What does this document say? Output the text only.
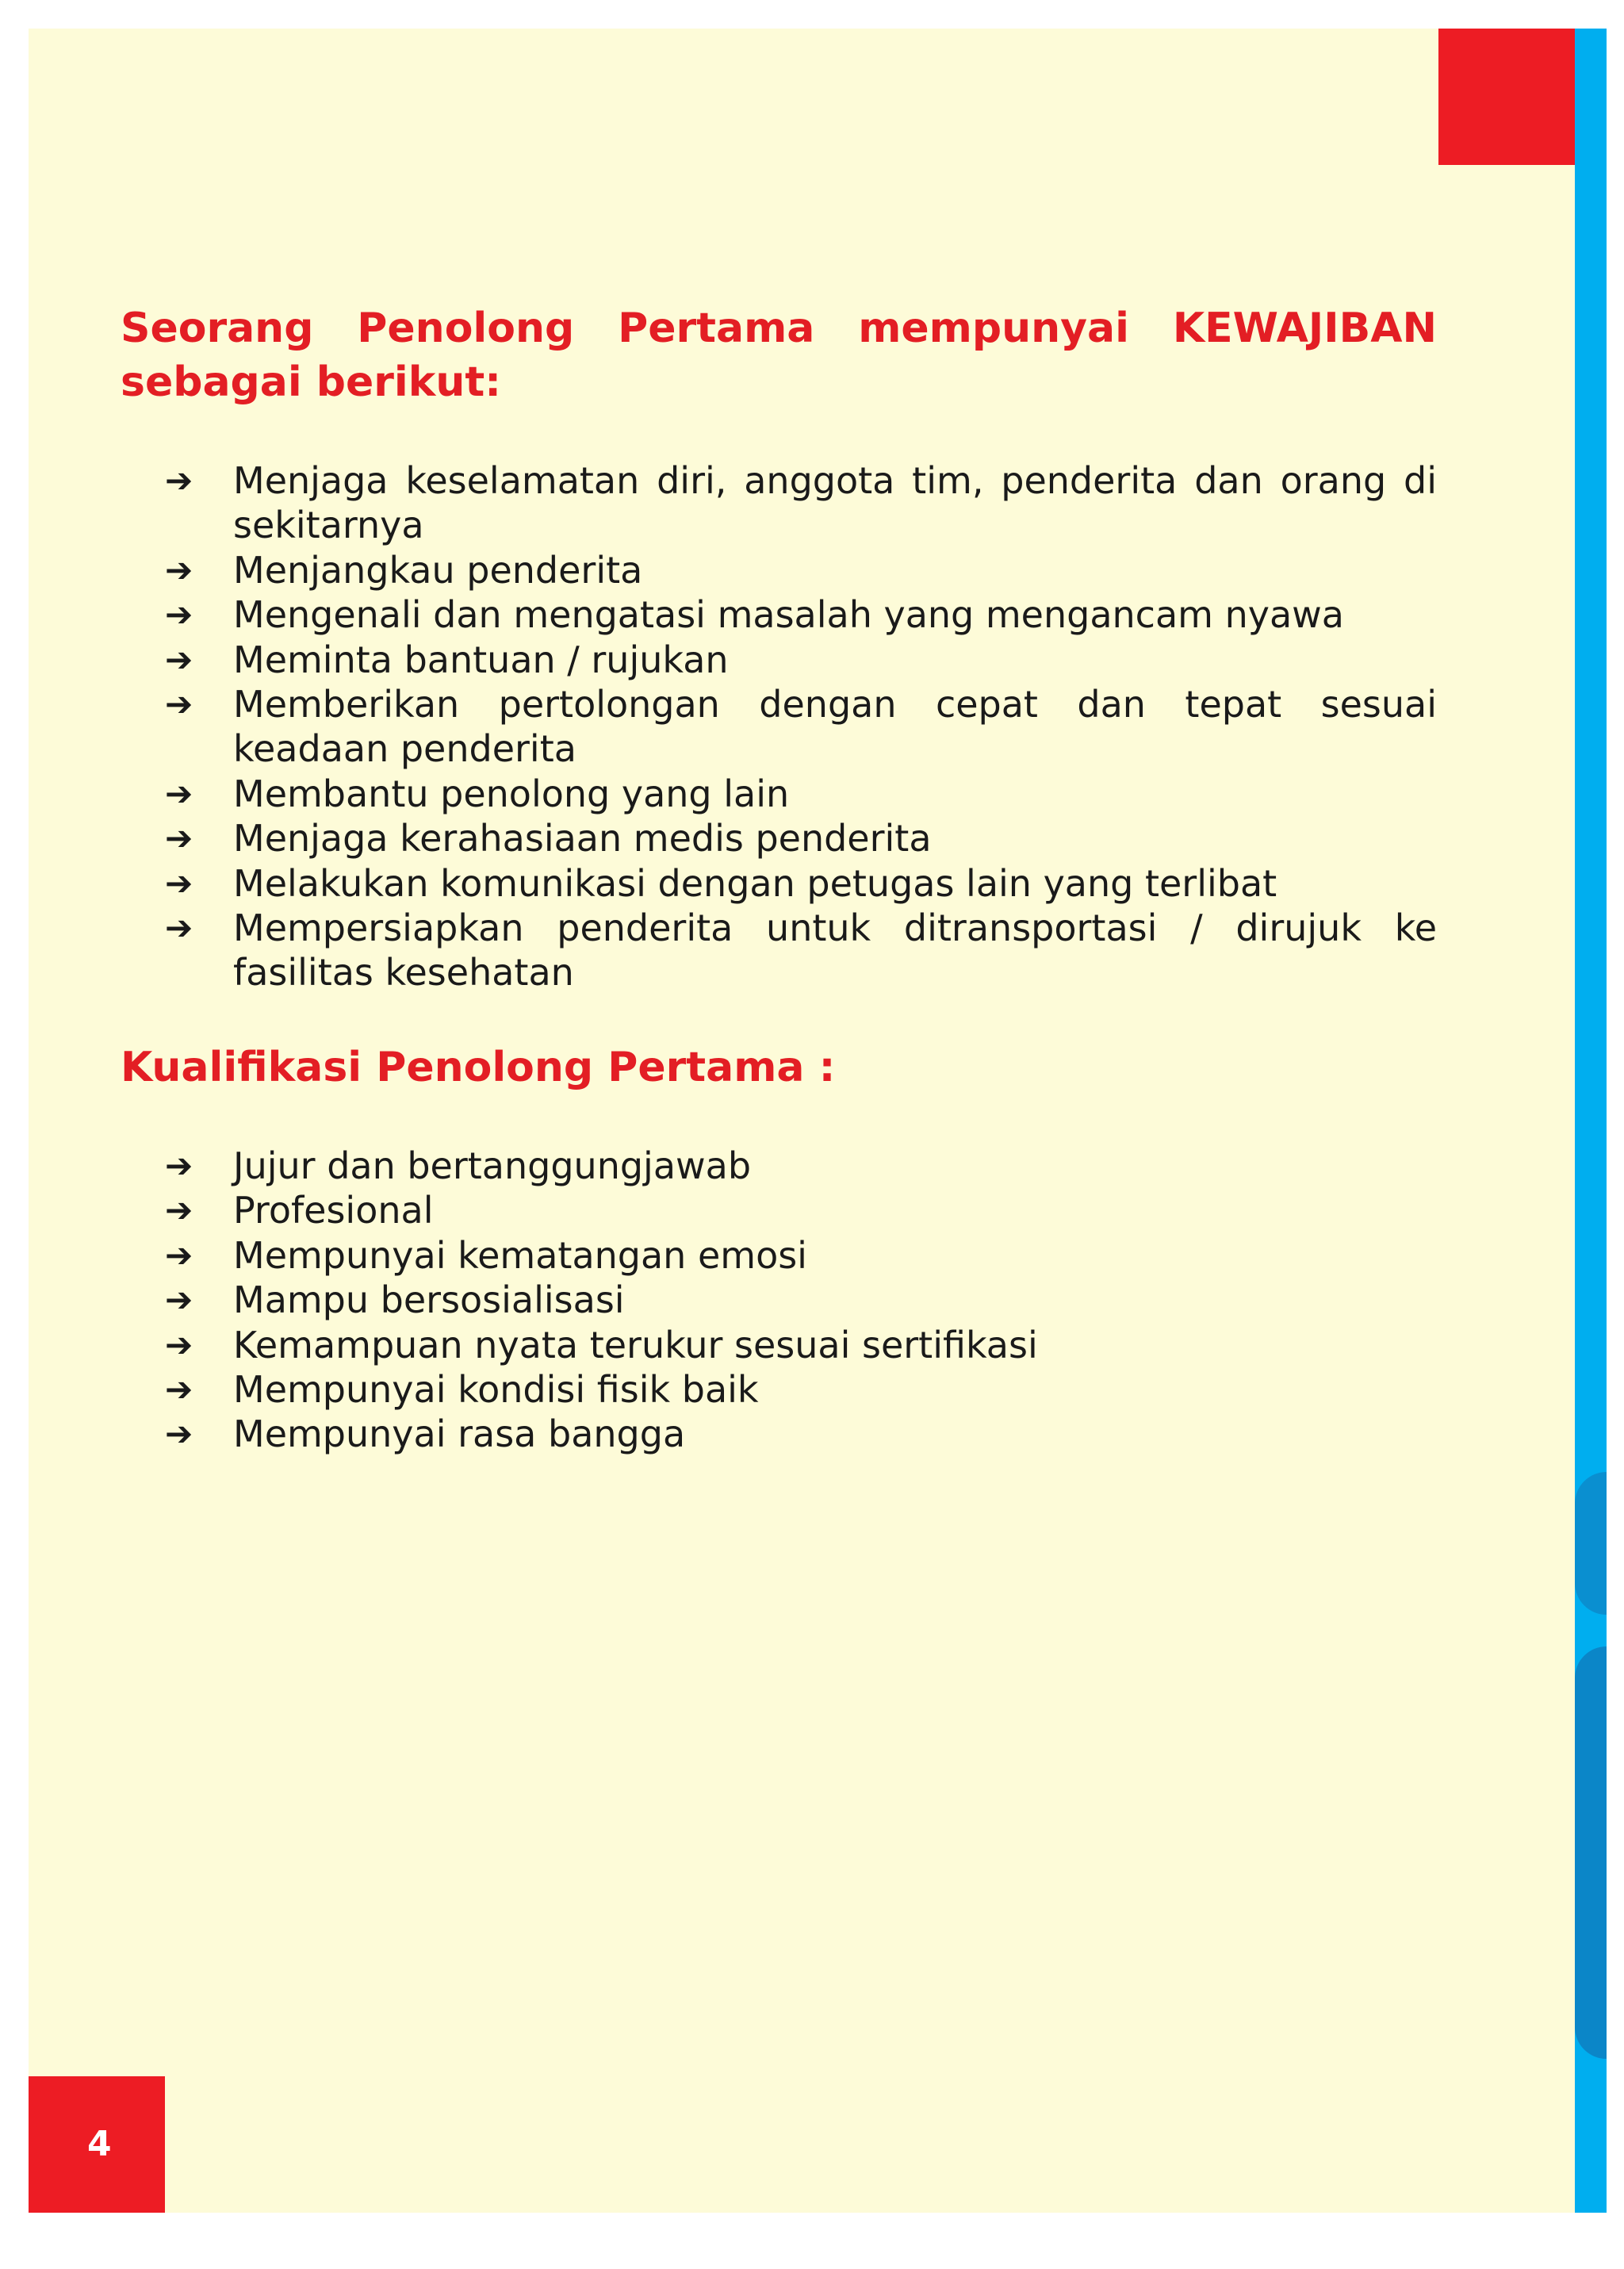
4
Seorang Penolong Pertama mempunyai KEWAJIBAN sebagai berikut:
➔ Menjaga keselamatan diri, anggota tim, penderita dan orang di sekitarnya
➔ Menjangkau penderita
➔ Mengenali dan mengatasi masalah yang mengancam nyawa
➔ Meminta bantuan / rujukan
➔ Memberikan pertolongan dengan cepat dan tepat sesuai keadaan penderita
➔ Membantu penolong yang lain
➔ Menjaga kerahasiaan medis penderita
➔ Melakukan komunikasi dengan petugas lain yang terlibat
➔ Mempersiapkan penderita untuk ditransportasi / dirujuk ke fasilitas kesehatan
Kualifikasi Penolong Pertama :
➔ Jujur dan bertanggungjawab
➔ Profesional
➔ Mempunyai kematangan emosi
➔ Mampu bersosialisasi
➔ Kemampuan nyata terukur sesuai sertifikasi
➔ Mempunyai kondisi fisik baik
➔ Mempunyai rasa bangga
